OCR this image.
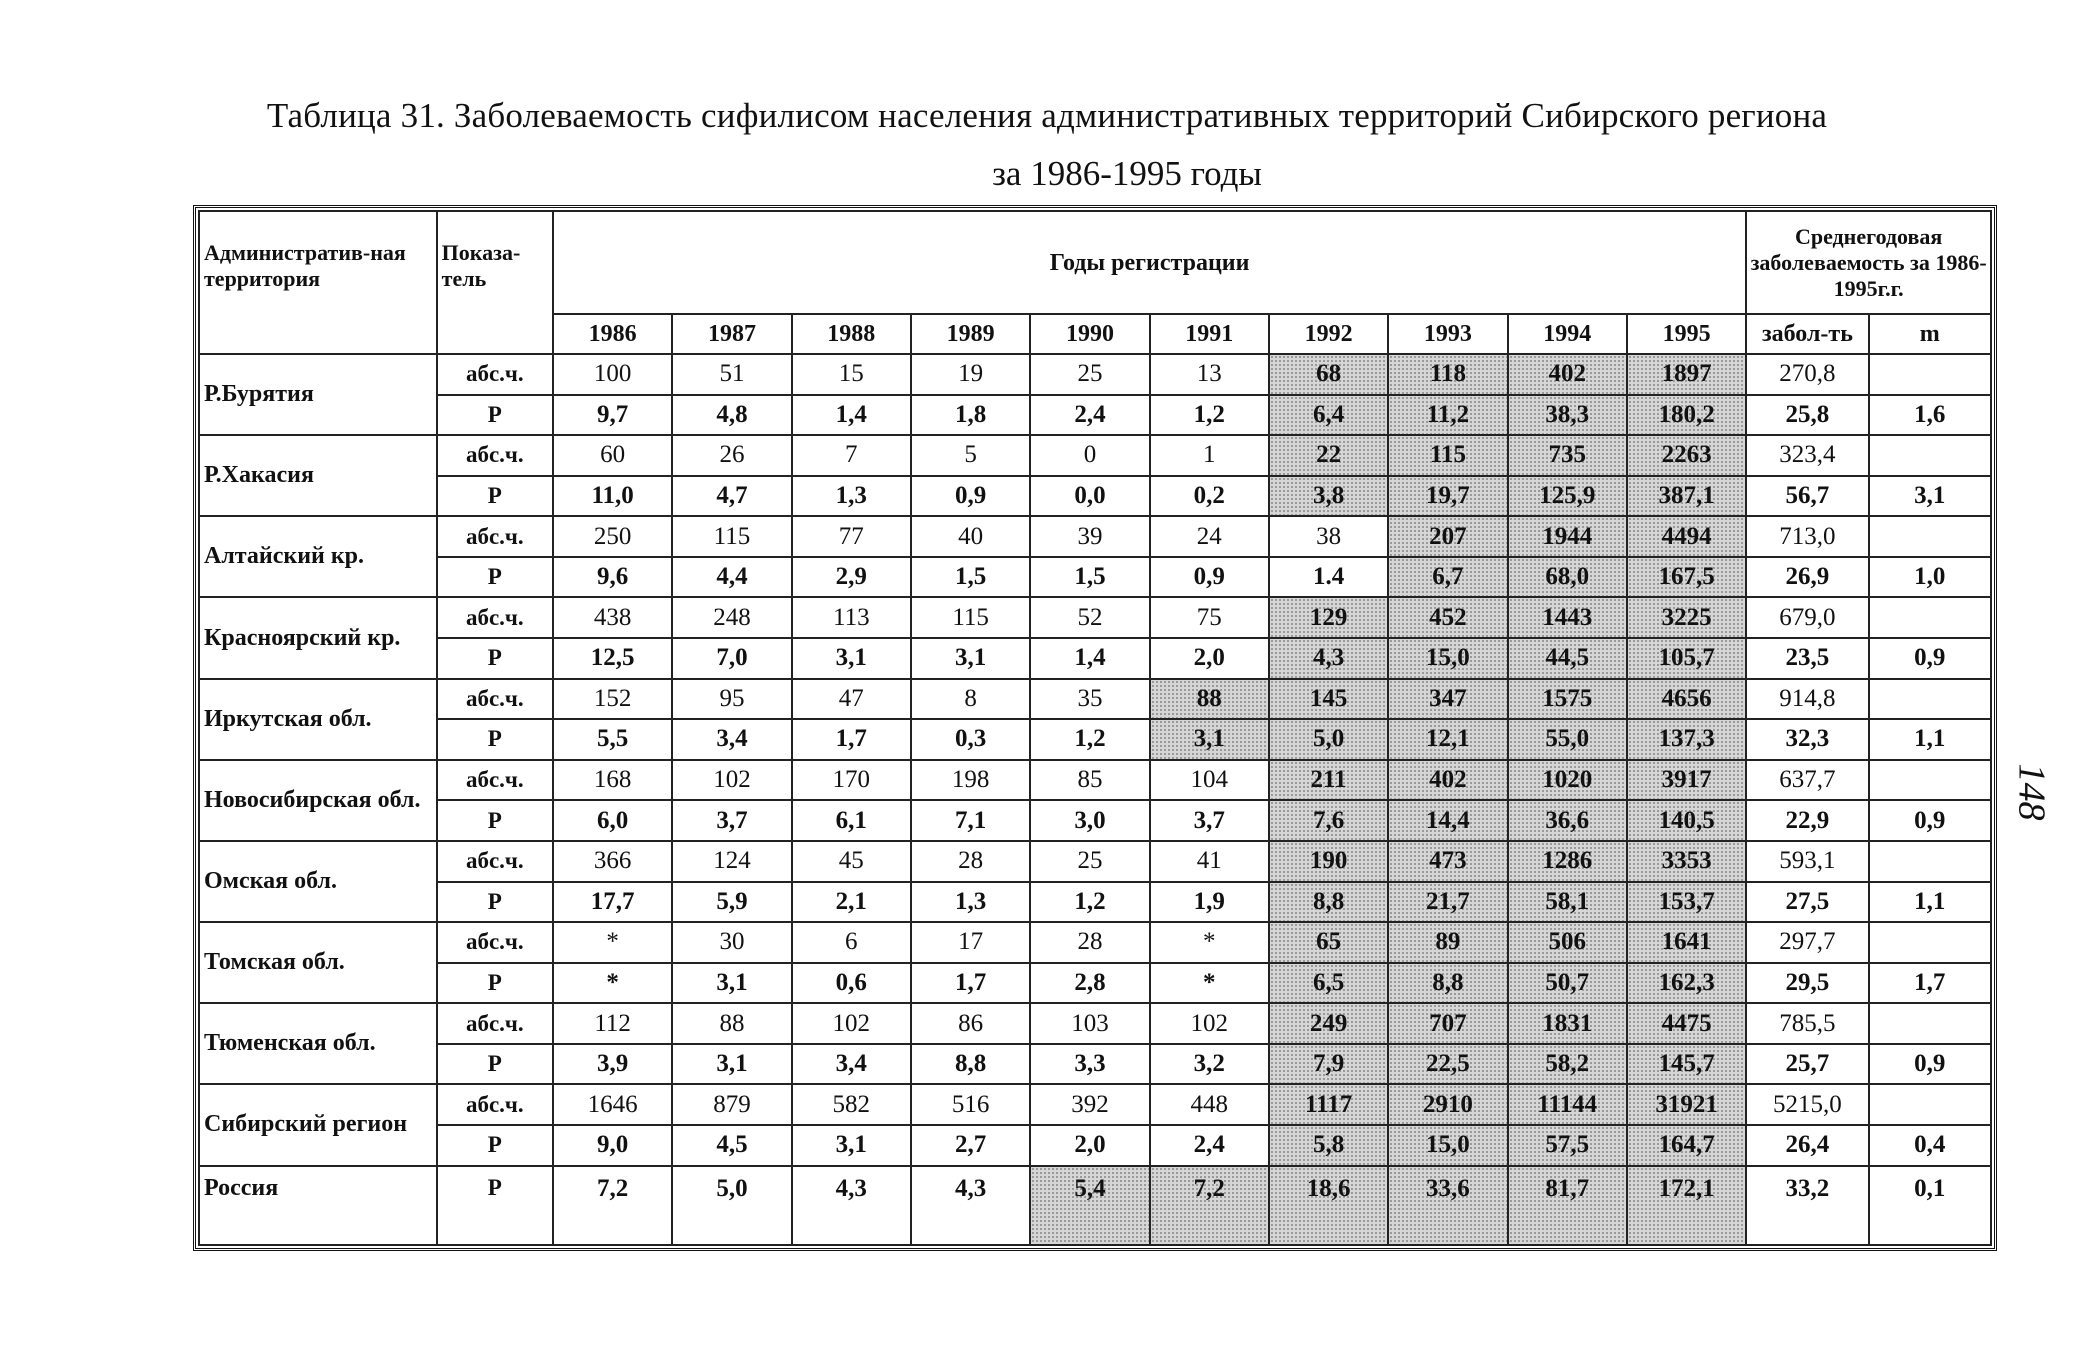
Таблица 31. Заболеваемость сифилисом населения административных территорий Сибирского региона
за 1986-1995 годы
148
Административ-ная территория	Показа-тель	Годы регистрации										Среднегодовая заболеваемость за 1986-1995г.г.	
		1986	1987	1988	1989	1990	1991	1992	1993	1994	1995	забол-ть	m
Р.Бурятия	абс.ч.	100	51	15	19	25	13	68	118	402	1897	270,8	
	Р	9,7	4,8	1,4	1,8	2,4	1,2	6,4	11,2	38,3	180,2	25,8	1,6
Р.Хакасия	абс.ч.	60	26	7	5	0	1	22	115	735	2263	323,4	
	Р	11,0	4,7	1,3	0,9	0,0	0,2	3,8	19,7	125,9	387,1	56,7	3,1
Алтайский кр.	абс.ч.	250	115	77	40	39	24	38	207	1944	4494	713,0	
	Р	9,6	4,4	2,9	1,5	1,5	0,9	1.4	6,7	68,0	167,5	26,9	1,0
Красноярский кр.	абс.ч.	438	248	113	115	52	75	129	452	1443	3225	679,0	
	Р	12,5	7,0	3,1	3,1	1,4	2,0	4,3	15,0	44,5	105,7	23,5	0,9
Иркутская обл.	абс.ч.	152	95	47	8	35	88	145	347	1575	4656	914,8	
	Р	5,5	3,4	1,7	0,3	1,2	3,1	5,0	12,1	55,0	137,3	32,3	1,1
Новосибирская обл.	абс.ч.	168	102	170	198	85	104	211	402	1020	3917	637,7	
	Р	6,0	3,7	6,1	7,1	3,0	3,7	7,6	14,4	36,6	140,5	22,9	0,9
Омская обл.	абс.ч.	366	124	45	28	25	41	190	473	1286	3353	593,1	
	Р	17,7	5,9	2,1	1,3	1,2	1,9	8,8	21,7	58,1	153,7	27,5	1,1
Томская обл.	абс.ч.	*	30	6	17	28	*	65	89	506	1641	297,7	
	Р	*	3,1	0,6	1,7	2,8	*	6,5	8,8	50,7	162,3	29,5	1,7
Тюменская обл.	абс.ч.	112	88	102	86	103	102	249	707	1831	4475	785,5	
	Р	3,9	3,1	3,4	8,8	3,3	3,2	7,9	22,5	58,2	145,7	25,7	0,9
Сибирский регион	абс.ч.	1646	879	582	516	392	448	1117	2910	11144	31921	5215,0	
	Р	9,0	4,5	3,1	2,7	2,0	2,4	5,8	15,0	57,5	164,7	26,4	0,4
Россия	Р	7,2	5,0	4,3	4,3	5,4	7,2	18,6	33,6	81,7	172,1	33,2	0,1
